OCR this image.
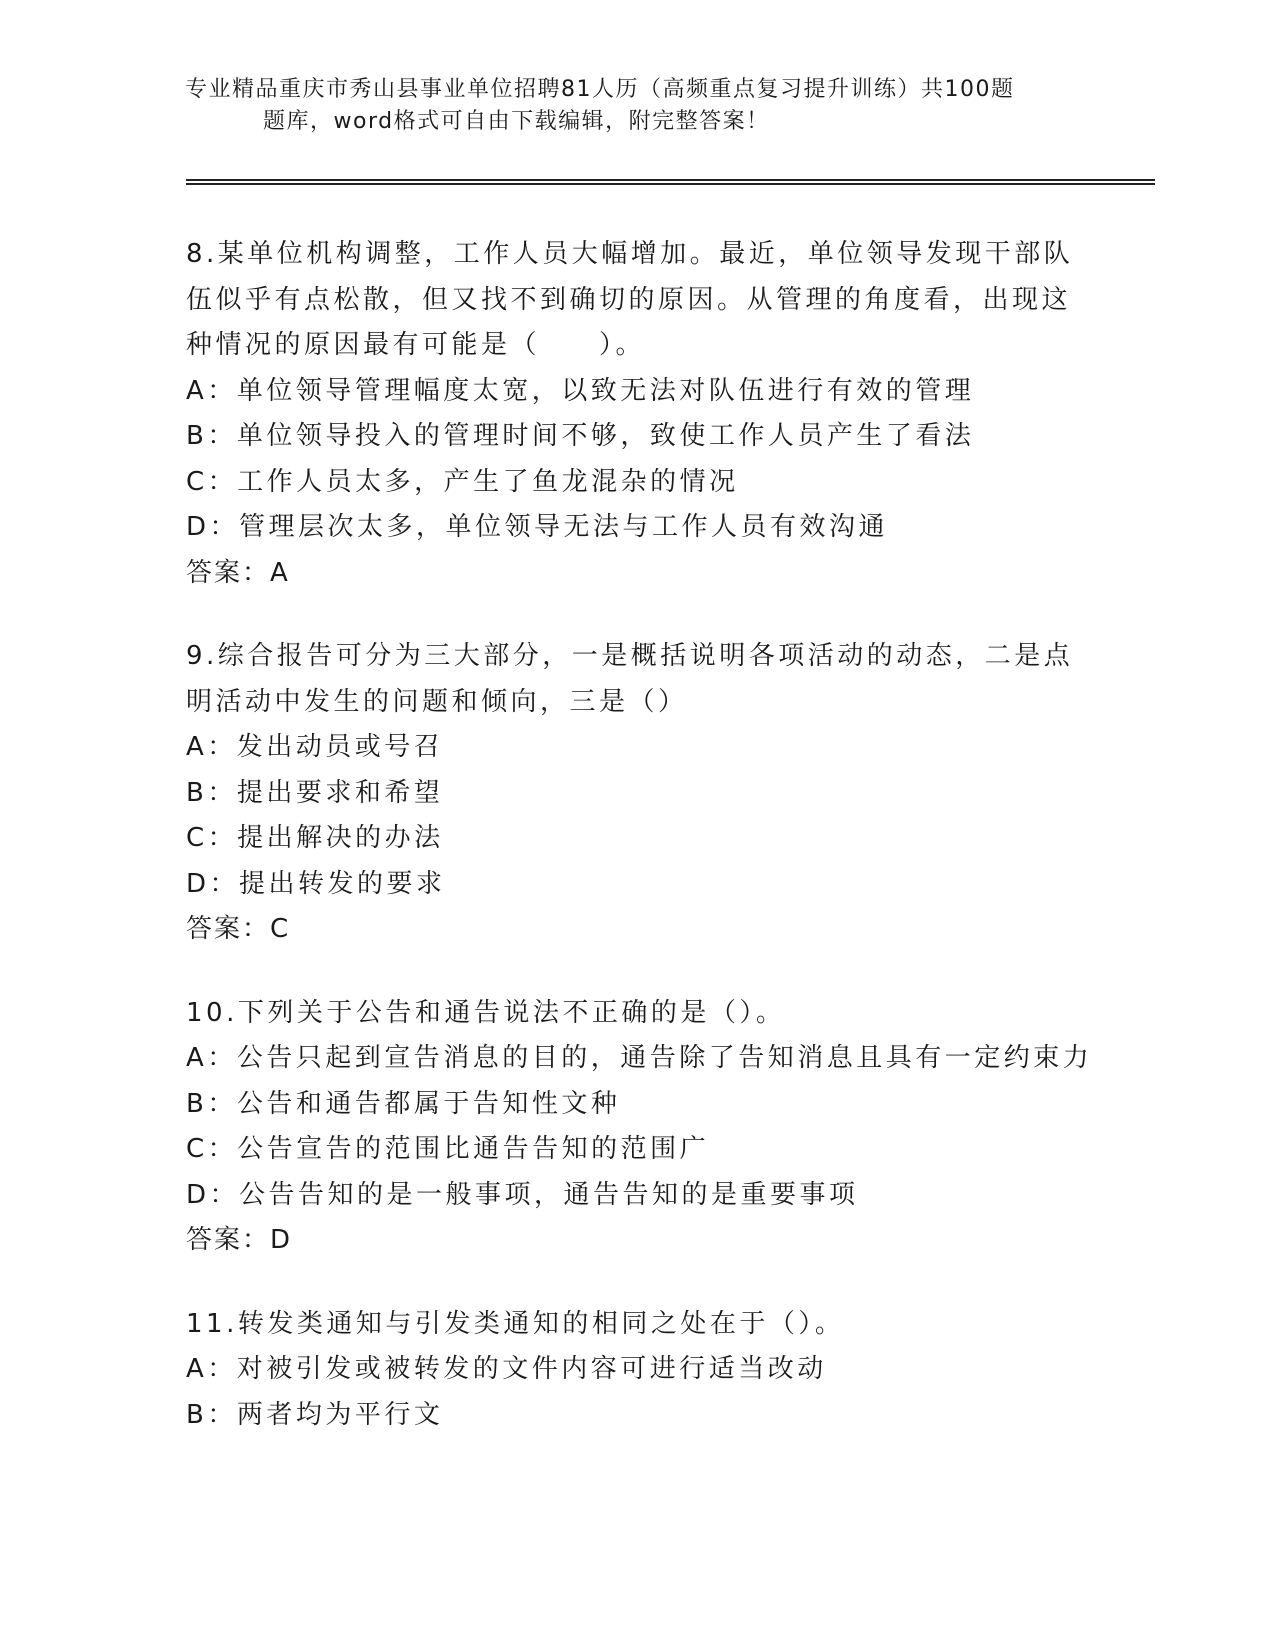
专业精品重庆市秀山县事业单位招聘81人历（高频重点复习提升训练）共100题
题库，word格式可自由下载编辑，附完整答案！
8.某单位机构调整，工作人员大幅增加。最近，单位领导发现干部队伍似乎有点松散，但又找不到确切的原因。从管理的角度看，出现这种情况的原因最有可能是（　　）。
A：单位领导管理幅度太宽，以致无法对队伍进行有效的管理
B：单位领导投入的管理时间不够，致使工作人员产生了看法
C：工作人员太多，产生了鱼龙混杂的情况
D：管理层次太多，单位领导无法与工作人员有效沟通
答案：A
9.综合报告可分为三大部分，一是概括说明各项活动的动态，二是点明活动中发生的问题和倾向，三是（）
A：发出动员或号召
B：提出要求和希望
C：提出解决的办法
D：提出转发的要求
答案：C
10.下列关于公告和通告说法不正确的是（）。
A：公告只起到宣告消息的目的，通告除了告知消息且具有一定约束力
B：公告和通告都属于告知性文种
C：公告宣告的范围比通告告知的范围广
D：公告告知的是一般事项，通告告知的是重要事项
答案：D
11.转发类通知与引发类通知的相同之处在于（）。
A：对被引发或被转发的文件内容可进行适当改动
B：两者均为平行文
